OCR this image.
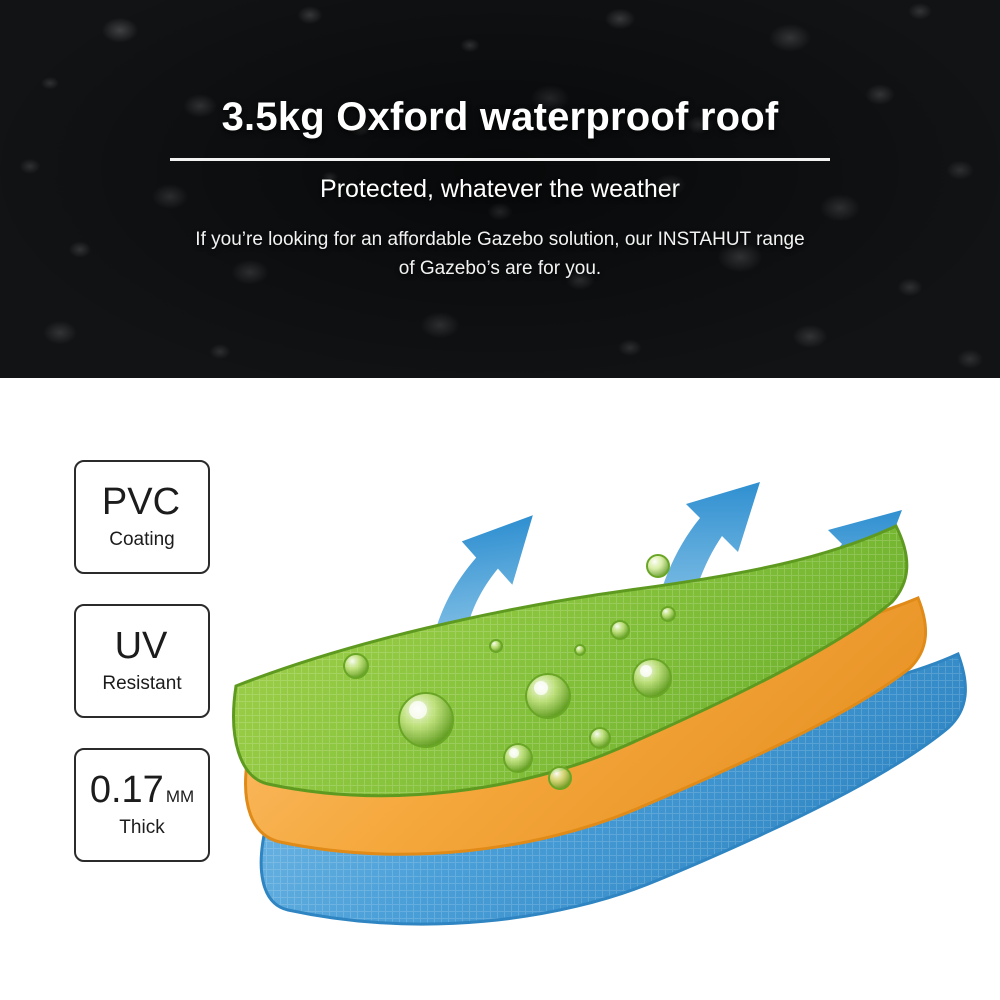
3.5kg Oxford waterproof roof
Protected, whatever the weather

If you’re looking for an affordable Gazebo solution, our INSTAHUT range of Gazebo’s are for you.

PVC
Coating
UV
Resistant
0.17 MM
Thick
